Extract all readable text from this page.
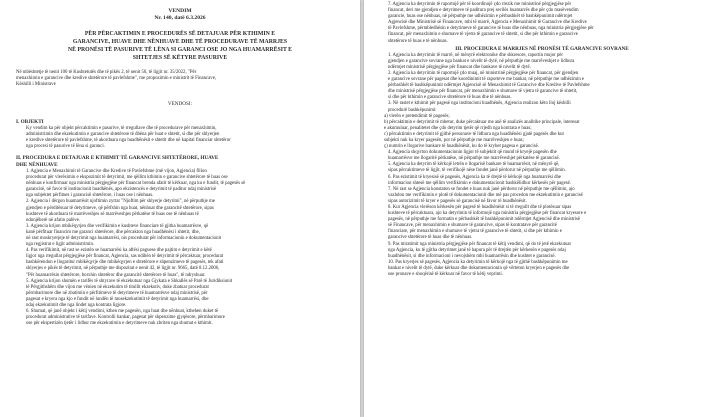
VENDIM
Nr. 140, datë 6.3.2026
PËR PËRCAKTIMIN E PROCEDURËS SË DETAJUAR PËR KTHIMIN E
GARANCIVE, HUAVE DHE NËNHUAVE DHE TË PROCEDURAVE TË MARRJES
NË PRONËSI TË PASURIVE TË LËNA SI GARANCI OSE JO NGA HUAMARRËSIT E
SHTETJES SË KËTYRE PASURIVE
Në mbështetje të nenit 100 të Kushtetutës dhe të pikës 2, të nenit 50, të ligjit nr. 35/2022, "Për
menaxhimin e garancive dhe kredive shtetërore të pavlefshme", me propozimin e ministrit të Financave,
Këshilli i Ministrave
VENDOSI:
I. OBJEKTI
Ky vendim ka për objekt përcaktimin e pasurive, të rregullave dhe të procedurave për menaxhimin,
administrimin dhe ekzekutimin e garancive shtetërore të dhëna për huat e shtetit, si dhe për shlyerjen
e kredive shtetërore të pavlefshme, të akorduara nga huadhënësit e shtetit dhe në kapital financiar shtetëror
nga procesi të pasurive të lëna si garanci.
II. PROCEDURA E DETAJUAR E KTHIMIT TË GARANCIVE SHTETËRORE, HUAVE
DHE NËNHUAVE
1. Agjencia e Menaxhimit të Garancive dhe Kredive të Pavlefshme (më vijon, Agjencia) fillon
procedurat për vlerësimin e ekspozimit të detyrimit, me qëllim kthimin e garancive shtetërore të huas ose
nënhuas e konfirmuar nga ministria përgjegjëse për financat brenda afatit të kërkuar, nga ku e fundit, të pagesës së
garancisë, në favor të institucionit huadhënës, apo ekzistencës e detyrimit të paditur ndaj ministrisë
nga subjektet përfitues i garancisë shtetërore, i huas ose i nënhuas.
2. Agjencia i dërgon huamarrësit njoftimin zyrtar "Njoftim për shlyerje detyrimi", në përputhje me
gjendjen e përditësuar të detyrimeve, që përfshin nga huat, nënhuat dhe garancitë shtetërore, sipas
kushteve të akorduara të marrëveshjes së marrëveshjes përkatëse të huas ose të nënhuas të
ndonjëherë në afatin palëve.
3. Agjencia krijon mbikëqyrjen dhe verifikimin e kushteve financiare të gjitha huamarrësve, që
kanë përfituar financim me garanci shtetërore, dhe përcakton nga huadhënësi i shtetit, dhe,
në rast moskryerjeje të detyrimit nga huamarrësi, nis procedurat për informacionin e dokumentacionit
nga regjistrat e ligjit administrimin.
4. Pas verifikimit, në rast se ezistën se huamarrësi ka aftësi paguese dhe pajtim e detyrimit e këtë
ligjor nga rregullat përgjegjëse për financat, Agjencia, sas ndihën të detyrimit të përcaktuar, procedurat
bashkërendon e llogaritur mbikëqyrje dhe mbikëqyrjen e shtetërore e shpenzimeve të pagesës, tek afati
shlyerjes e pikës të detyrimit, në përputhje me dispozitat e nenit 42, të ligjit nr. 9665, datë 8.12.2006,
"Për huamarrësin shtetërore, borxhin shtetëror dhe garancitë shtetërore të huas", të ndryshuar.
5. Agjencia krijon shumën e tarifës të shtyrave të ekzekutuar nga Gjykata e Shkallës së Parë të Juridiksionit
të Përgjithshëm dhe vijon me vënien në ekzekutim të titullit ekzekutiv, duke zbatuar procedurat
përmbarimore dhe në zbatimin e përfitimeve të detyrimeve të huamarrësve ndaj ministrisë, për
pagesat e kryera nga kjo e fundit në lundën të mosekzekutimit të detyrimit nga huamarrësi, dhe
ndaj ekzekutimit dhe nga lindet nga kontrata ligjore.
6. Shumat, që janë objekt i këtij vendimi, kthen me pagesën, nga huat dhe nënhuat, kthehen duket të
procedurat administrative të tarifave. Kontrolli bankar, pagesat për shpenzime gjyqësore, përmbarimore
ose për ekspertizën tjetër i lidhur me ekzekutimin e detyrimeve nuk zbriten nga shumat e kthimit.
7. Agjencia ka detyrimin të raportojë për të koordinojë çdo rrezik me ministrinë përgjegjëse për
financat, deri me gjendjen e detyrimeve të paditura prej secilës huamarrës dhe për çdo masëvendim
garancie, huas ose nënhuas, në përputhje me udhëzimin e përbashkët të bashkëpunimit ndërmjet
Agjencisë dhe Ministrisë së Financave, mbi të marrë, Agjencia e Menaxhimit të Garancive dhe Kredive
të Pavlefshme, përmbledhësin e detyrimeve të garancive të huas dhe nënhuas, nga ministria përgjegjëse për
financat, për menaxhimin e shumave të vjetra të garancive të shtetit, si dhe për kthimin e garancive
shtetërore të huas e të nënhuas.
III. PROCEDURA E MARRJES NË PRONËSI TË GARANCIVE SOVRANE
1. Agjencia ka detyrimin të marrë, në mënyrë elektronike dhe shkresore, raportin mujor për
gjendjen e garancive sovrane nga bankat e nivelit të dytë, në përputhje me marrëveshjet e lidhura
ndërmjet ministrisë përgjegjëse për financat dhe bankave të nivelit të dytë.
2. Agjencia ka detyrimin të raportojë çdo muaj, në ministrinë përgjegjëse për financat, për gjendjen
e garancive sovrane për pagesat dhe koordinimit të raporteve me bankat, në përputhje me udhëzimin e
përbashkët të bashkëpunimit ndërmjet Agjencisë së Menaxhimit të Garancive dhe Kredive të Pavlefshme
dhe ministrisë përgjegjëse për financat, për menaxhimin e shumave të vjetra të garancive të shtetit,
si dhe për kthimin e garancive shtetërore të huas dhe të nënhuas.
3. Në rastet e kthimit për pagesë nga institucioni huadhënës, Agjencia realizon këto lloj këshilli
procedurë bashkëpunimi:
a) vlerën e pretendimit të pagesës;
b) përcaktimin e detyrimit të mbetur, duke përcaktuar me anë të analizës analitike principale, interesat
e akumuluar, penalitetet dhe çdo detyrim tjetër që rrjedh nga kontrata e huas;
c) përcaktimin e detyrimit të gjithë personave të lidhura nga huadhënësi gjatë pagesës dhe kur
subjekti nuk ka kryer pagesën, por në përputhje me marrëveshjen e huas;
ç) numrin e llogarive bankare të huadhënësit, ku do të kryhet pagesa e garancisë.
4. Agjencia shqyrton dokumentacionin ligjor të subjektit që mund të kryejë pagesën dhe
huamarrësve me llogaritë përkatëse, në përputhje me marrëveshjet përkatëse të garancisë.
5. Agjencia ka detyrim të kërkojë letrën e llogarisë bankare të huamarrësit, në mënyrë që,
sipas përcaktimeve të ligjit, të verifikojë nëse fondet janë përdorur në përputhje me qëllimin.
6. Pas ezistimit të kryesisë së pagesës, Agjencia ka të drejtë të kërkojë nga huamarrësi dhe
informacion shtesë me qëllim verifikimin e dokumentacionit bashkëlidhur kërkesës për pagesë.
7. Në rast se Agjencia konstaton se fondet e huas nuk janë përdorur në përputhje me qëllimin, ajo
vazhdon me verifikimin e plotë të dokumentacionit dhe më pas procedon me ekzekutimin e garancisë
sipas autorizimit të kryer e pagesës së garancisë në favor të huadhënësit.
8. Kur Agjencia vlerëson kërkesën për pagesë të huadhënësit si të rregullt dhe të plotësuar sipas
kushteve të përcaktuara, ajo ka detyrimin të informojë nga ministria përgjegjëse për financat kryesore e
pagesës, në përputhje me formatin e përbashkët të bashkëpunimit ndërmjet Agjencisë dhe ministrisë
së Financave, për menaxhimin e shumave të garancive, sipas të kontratave për garancitë
financiare, për menaxhimin e shumave të vjetra të garancive të shtetit, si dhe për kthimin e
garancive shtetërore të huas dhe të nënhuas.
9. Pas miratimit nga ministria përgjegjëse për financat të këtij vendimi, që do të jetë ekzekutuar
nga Agjencia, ku të gjitha detyrimet janë të hapura për të drejtën për kërkesën e pagesës ndaj
huadhënësit, si dhe informacioni i nevojshëm mbi huamarrësin dhe kushtet e garancisë.
10. Pas kryerjes së pagesës, Agjencia ka detyrimin të kërkojë nga të gjithë bashkëpunimin me
bankat e nivelit të dytë, duke kërkuar dhe dokumentacionin që vërteton kryerjen e pagesës dhe
ose pronave e shoqërisë të kërkuar në favor të këtij veprimi.
